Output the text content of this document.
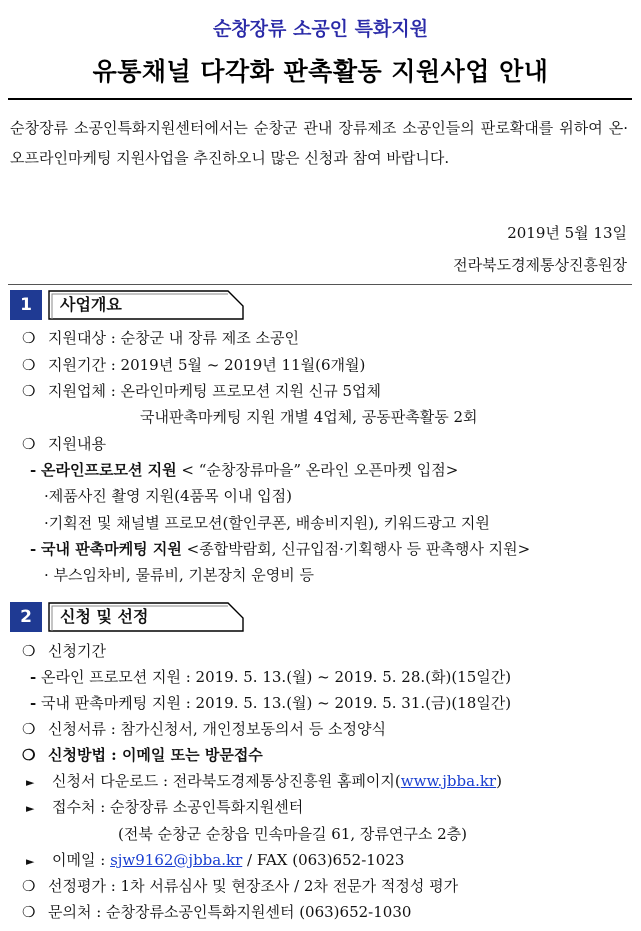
순창장류 소공인 특화지원
유통채널 다각화 판촉활동 지원사업 안내
순창장류 소공인특화지원센터에서는 순창군 관내 장류제조 소공인들의 판로확대를 위하여 온·오프라인마케팅 지원사업을 추진하오니 많은 신청과 참여 바랍니다.
2019년 5월 13일
전라북도경제통상진흥원장
1	사업개요
❍ 지원대상 : 순창군 내 장류 제조 소공인
❍ 지원기간 : 2019년 5월 ~ 2019년 11월(6개월)
❍ 지원업체 : 온라인마케팅 프로모션 지원 신규 5업체
국내판촉마케팅 지원 개별 4업체, 공동판촉활동 2회
❍ 지원내용
- 온라인프로모션 지원 < “순창장류마을” 온라인 오픈마켓 입점>
·제품사진 촬영 지원(4품목 이내 입점)
·기획전 및 채널별 프로모션(할인쿠폰, 배송비지원), 키워드광고 지원
- 국내 판촉마케팅 지원 <종합박람회, 신규입점·기획행사 등 판촉행사 지원>
· 부스임차비, 물류비, 기본장치 운영비 등
2	신청 및 선정
❍ 신청기간
- 온라인 프로모션 지원 : 2019. 5. 13.(월) ~ 2019. 5. 28.(화)(15일간)
- 국내 판촉마케팅 지원 : 2019. 5. 13.(월) ~ 2019. 5. 31.(금)(18일간)
❍ 신청서류 : 참가신청서, 개인정보동의서 등 소정양식
❍ 신청방법 : 이메일 또는 방문접수
► 신청서 다운로드 : 전라북도경제통상진흥원 홈페이지(www.jbba.kr)
► 접수처 : 순창장류 소공인특화지원센터
(전북 순창군 순창읍 민속마을길 61, 장류연구소 2층)
► 이메일 : sjw9162@jbba.kr / FAX (063)652-1023
❍ 선정평가 : 1차 서류심사 및 현장조사 / 2차 전문가 적정성 평가
❍ 문의처 : 순창장류소공인특화지원센터 (063)652-1030
